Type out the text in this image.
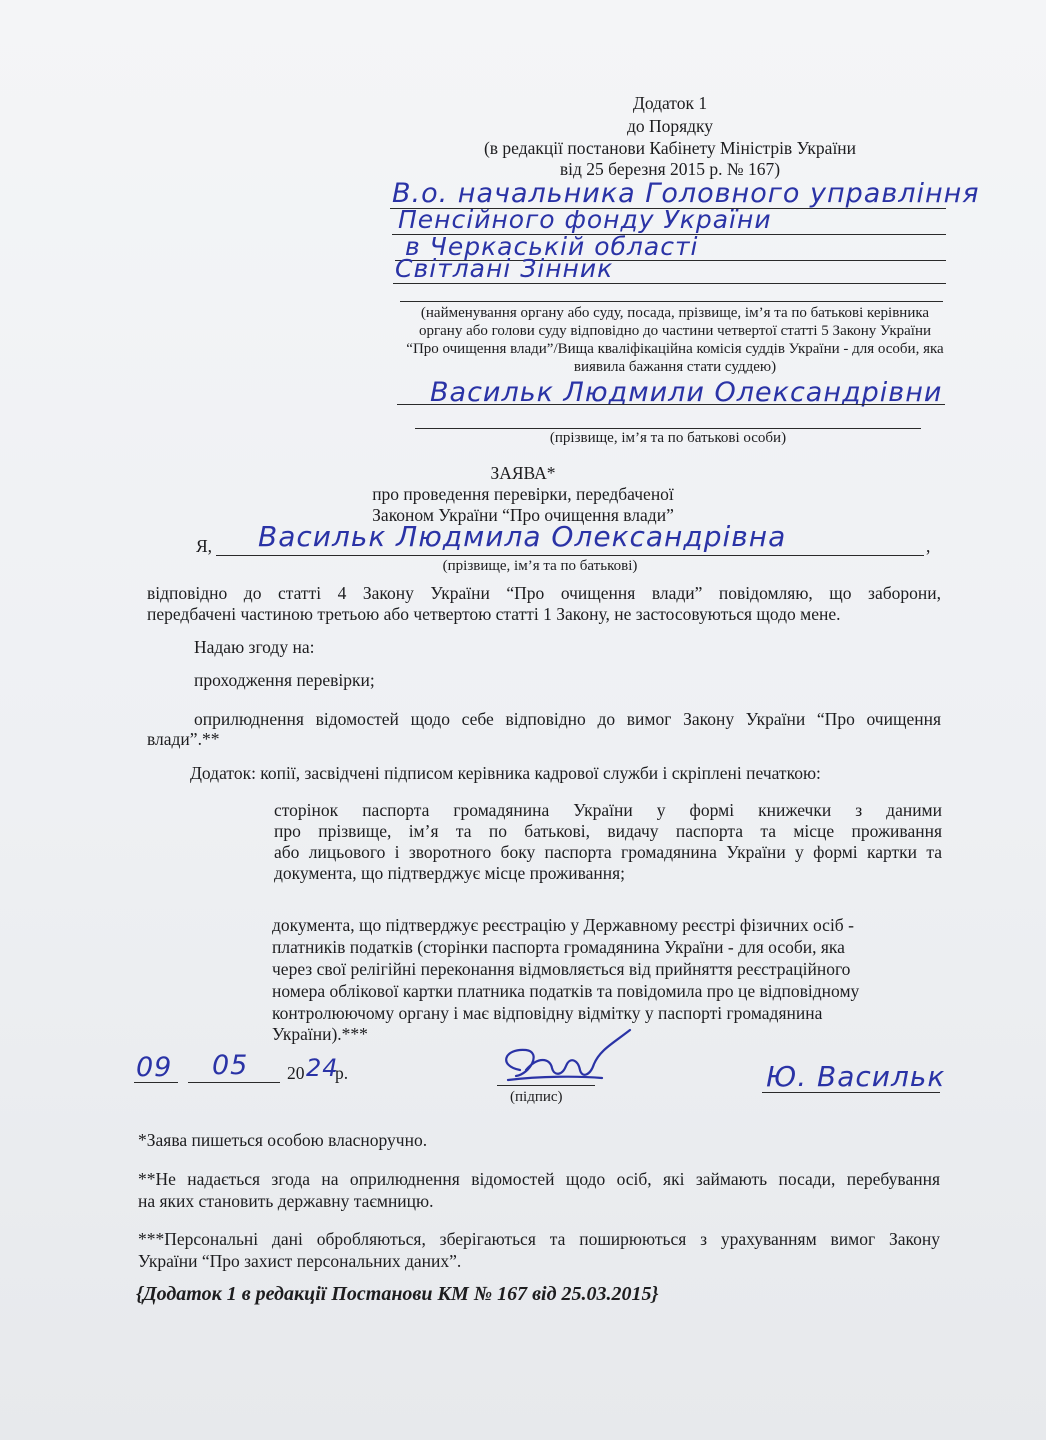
Додаток 1
до Порядку
(в редакції постанови Кабінету Міністрів України
від 25 березня 2015 р. № 167)
В.о. начальника Головного управління
Пенсійного фонду України
в Черкаській області
Світлані Зінник
(найменування органу або суду, посада, прізвище, ім’я та по батькові керівника
органу або голови суду відповідно до частини четвертої статті 5 Закону України
“Про очищення влади”/Вища кваліфікаційна комісія суддів України - для особи, яка
виявила бажання стати суддею)
Васильк Людмили Олександрівни
(прізвище, ім’я та по батькові особи)
ЗАЯВА*
про проведення перевірки, передбаченої
Законом України “Про очищення влади”
Я, Васильк Людмила Олександрівна	,
(прізвище, ім’я та по батькові)
відповідно до статті 4 Закону України “Про очищення влади” повідомляю, що заборони,
передбачені частиною третьою або четвертою статті 1 Закону, не застосовуються щодо мене.
Надаю згоду на:
проходження перевірки;
оприлюднення відомостей щодо себе відповідно до вимог Закону України “Про очищення
влади”.**
Додаток: копії, засвідчені підписом керівника кадрової служби і скріплені печаткою:
сторінок паспорта громадянина України у формі книжечки з даними
про прізвище, ім’я та по батькові, видачу паспорта та місце проживання
або лицьового і зворотного боку паспорта громадянина України у формі картки та
документа, що підтверджує місце проживання;
документа, що підтверджує реєстрацію у Державному реєстрі фізичних осіб -
платників податків (сторінки паспорта громадянина України - для особи, яка
через свої релігійні переконання відмовляється від прийняття реєстраційного
номера облікової картки платника податків та повідомила про це відповідному
контролюючому органу і має відповідну відмітку у паспорті громадянина
України).***
09 05 20 24
р.
(підпис)
Ю. Васильк
*Заява пишеться особою власноручно.
**Не надається згода на оприлюднення відомостей щодо осіб, які займають посади, перебування
на яких становить державну таємницю.
***Персональні дані обробляються, зберігаються та поширюються з урахуванням вимог Закону
України “Про захист персональних даних”.
{Додаток 1 в редакції Постанови КМ № 167 від 25.03.2015}
